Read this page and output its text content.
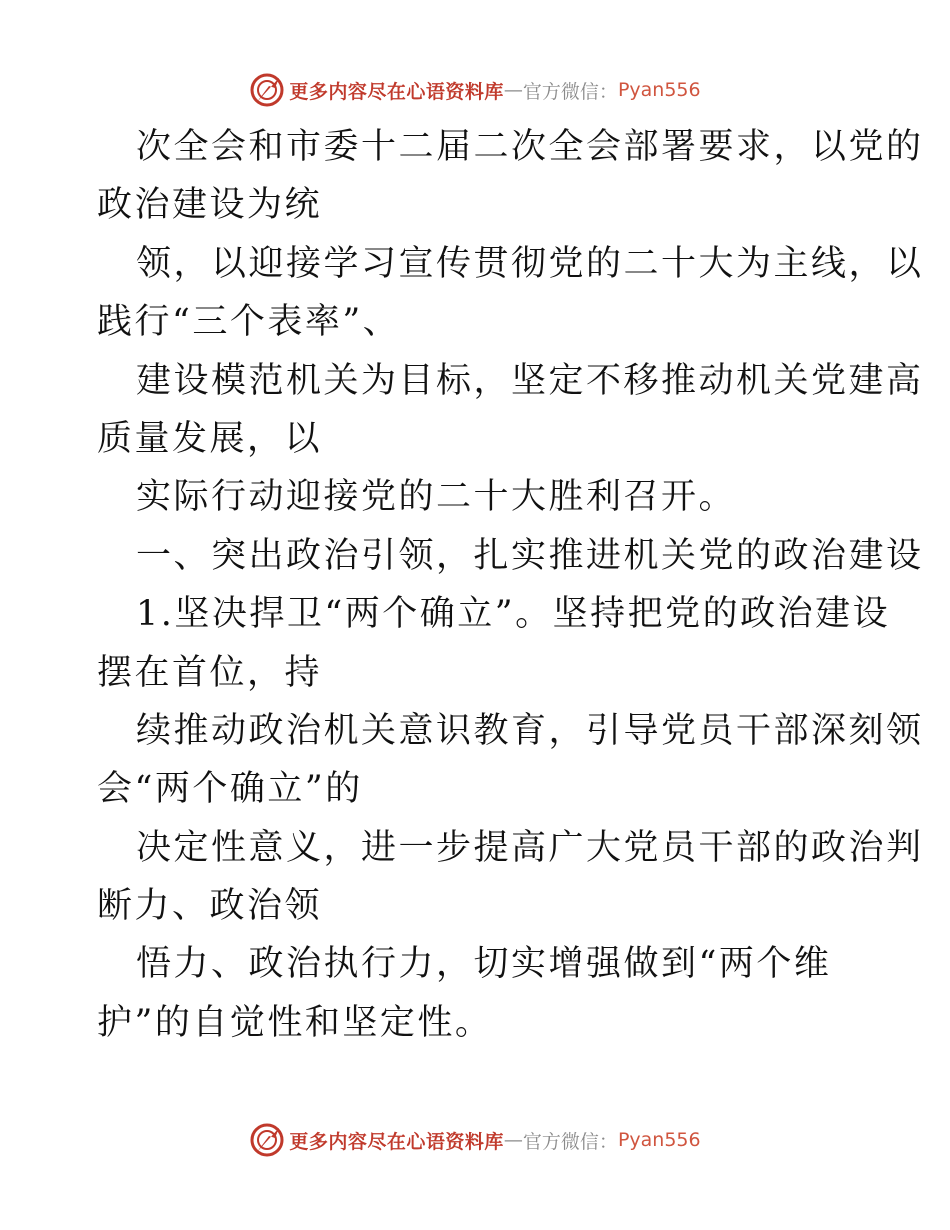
更多内容尽在心语资料库 — 官方微信： Pyan556
次全会和市委十二届二次全会部署要求，以党的
政治建设为统
领，以迎接学习宣传贯彻党的二十大为主线，以
践行“三个表率”、
建设模范机关为目标，坚定不移推动机关党建高
质量发展，以
实际行动迎接党的二十大胜利召开。
一、突出政治引领，扎实推进机关党的政治建设
1.坚决捍卫“两个确立”。坚持把党的政治建设
摆在首位，持
续推动政治机关意识教育，引导党员干部深刻领
会“两个确立”的
决定性意义，进一步提高广大党员干部的政治判
断力、政治领
悟力、政治执行力，切实增强做到“两个维
护”的自觉性和坚定性。
更多内容尽在心语资料库 — 官方微信： Pyan556
